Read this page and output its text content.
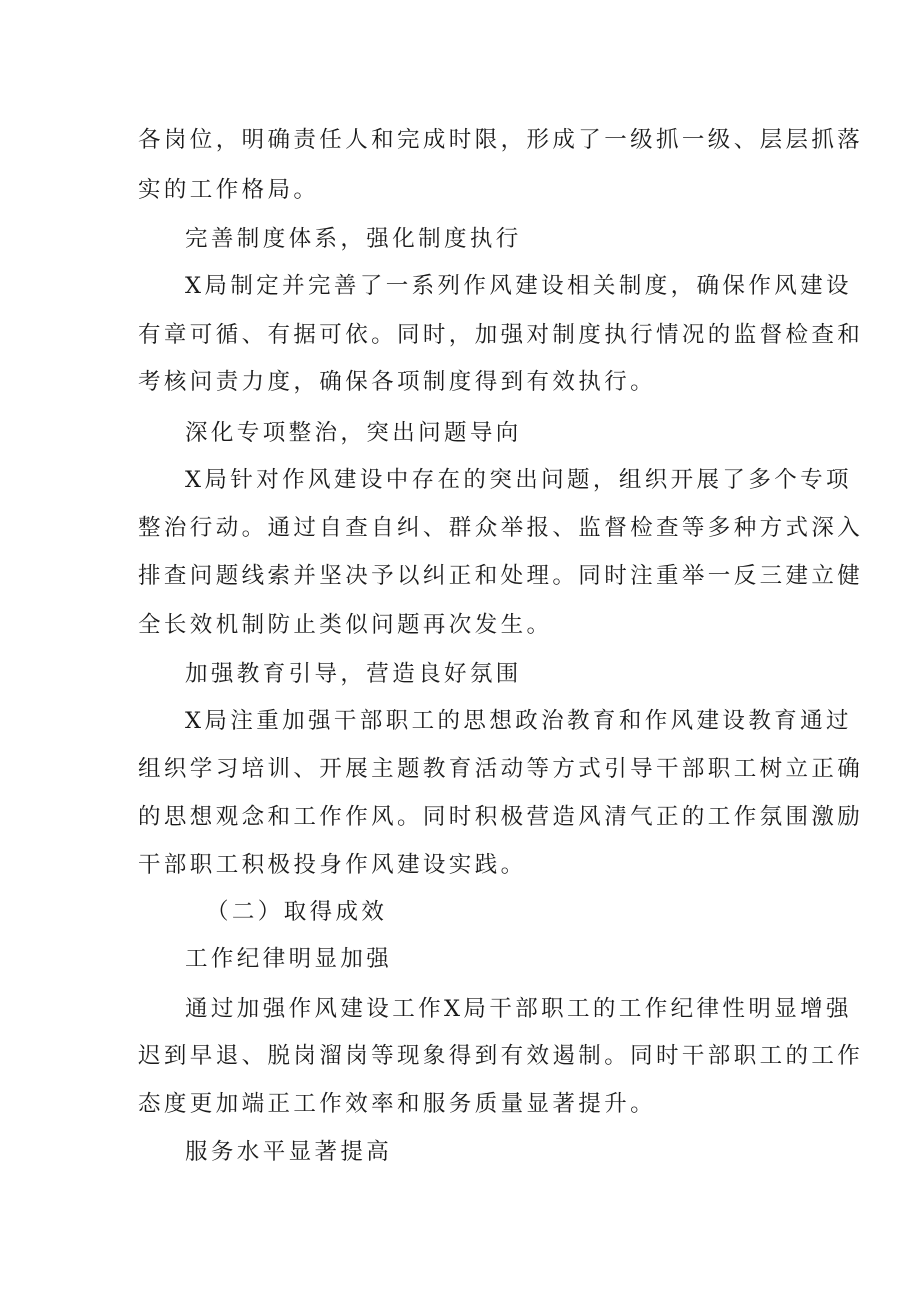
各岗位，明确责任人和完成时限，形成了一级抓一级、层层抓落
实的工作格局。
完善制度体系，强化制度执行
X局制定并完善了一系列作风建设相关制度，确保作风建设
有章可循、有据可依。同时，加强对制度执行情况的监督检查和
考核问责力度，确保各项制度得到有效执行。
深化专项整治，突出问题导向
X局针对作风建设中存在的突出问题，组织开展了多个专项
整治行动。通过自查自纠、群众举报、监督检查等多种方式深入
排查问题线索并坚决予以纠正和处理。同时注重举一反三建立健
全长效机制防止类似问题再次发生。
加强教育引导，营造良好氛围
X局注重加强干部职工的思想政治教育和作风建设教育通过
组织学习培训、开展主题教育活动等方式引导干部职工树立正确
的思想观念和工作作风。同时积极营造风清气正的工作氛围激励
干部职工积极投身作风建设实践。
（二）取得成效
工作纪律明显加强
通过加强作风建设工作X局干部职工的工作纪律性明显增强
迟到早退、脱岗溜岗等现象得到有效遏制。同时干部职工的工作
态度更加端正工作效率和服务质量显著提升。
服务水平显著提高
